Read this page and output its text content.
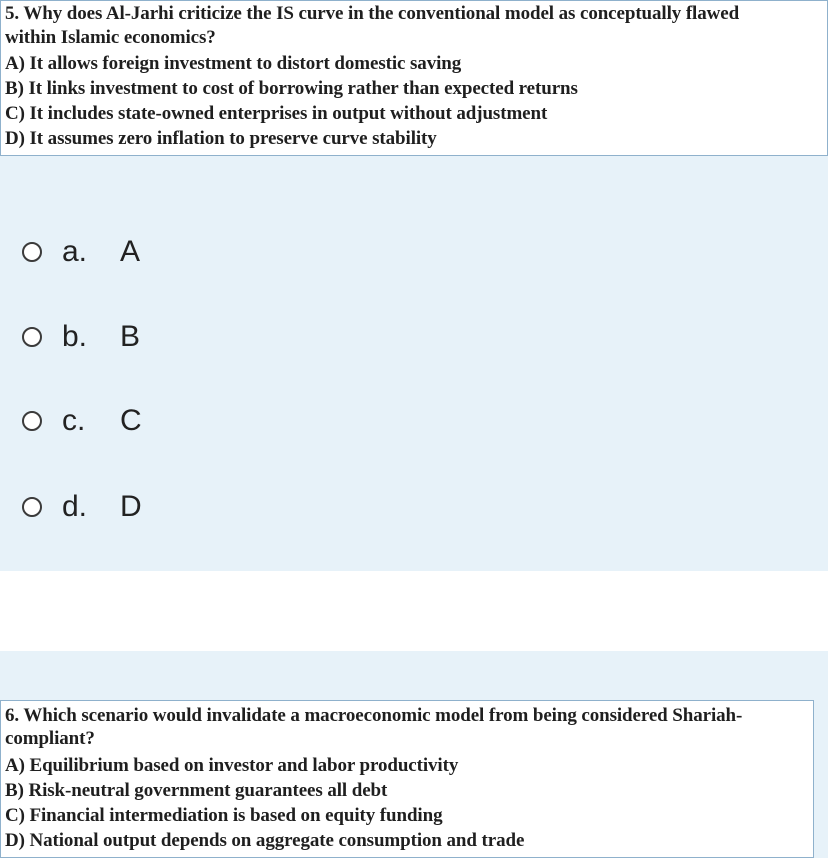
5. Why does Al-Jarhi criticize the IS curve in the conventional model as conceptually flawed
within Islamic economics?
A) It allows foreign investment to distort domestic saving
B) It links investment to cost of borrowing rather than expected returns
C) It includes state-owned enterprises in output without adjustment
D) It assumes zero inflation to preserve curve stability
a.	A
b.	B
c.	C
d.	D
6. Which scenario would invalidate a macroeconomic model from being considered Shariah-
compliant?
A) Equilibrium based on investor and labor productivity
B) Risk-neutral government guarantees all debt
C) Financial intermediation is based on equity funding
D) National output depends on aggregate consumption and trade
